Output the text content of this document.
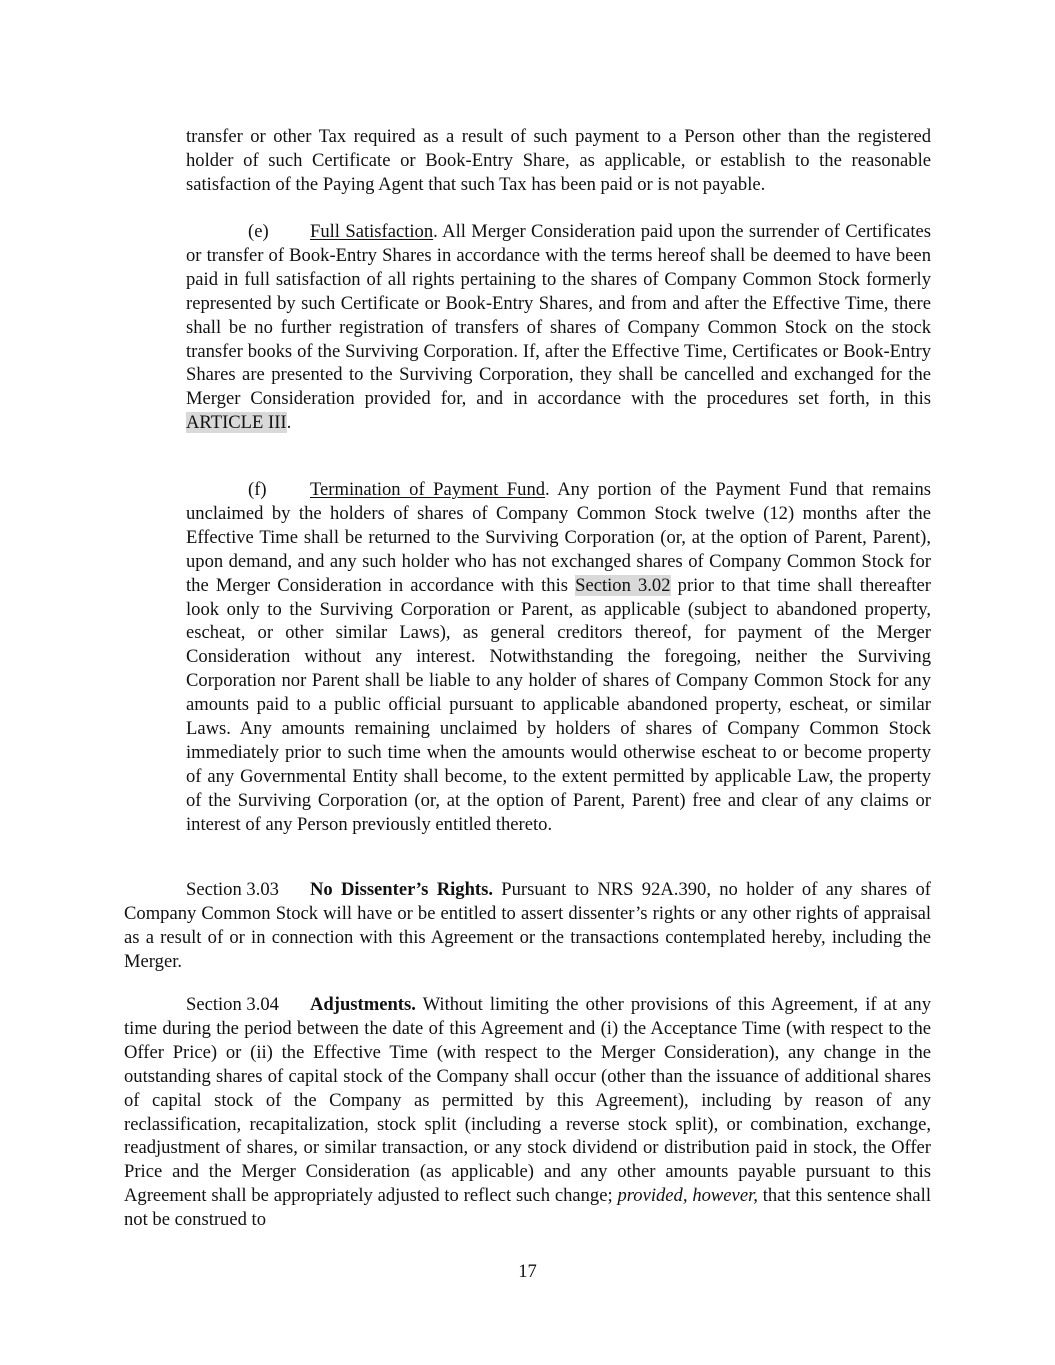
transfer or other Tax required as a result of such payment to a Person other than the registered holder of such Certificate or Book-Entry Share, as applicable, or establish to the reasonable satisfaction of the Paying Agent that such Tax has been paid or is not payable.

(e) Full Satisfaction. All Merger Consideration paid upon the surrender of Certificates or transfer of Book-Entry Shares in accordance with the terms hereof shall be deemed to have been paid in full satisfaction of all rights pertaining to the shares of Company Common Stock formerly represented by such Certificate or Book-Entry Shares, and from and after the Effective Time, there shall be no further registration of transfers of shares of Company Common Stock on the stock transfer books of the Surviving Corporation. If, after the Effective Time, Certificates or Book-Entry Shares are presented to the Surviving Corporation, they shall be cancelled and exchanged for the Merger Consideration provided for, and in accordance with the procedures set forth, in this ARTICLE III.

(f) Termination of Payment Fund. Any portion of the Payment Fund that remains unclaimed by the holders of shares of Company Common Stock twelve (12) months after the Effective Time shall be returned to the Surviving Corporation (or, at the option of Parent, Parent), upon demand, and any such holder who has not exchanged shares of Company Common Stock for the Merger Consideration in accordance with this Section 3.02 prior to that time shall thereafter look only to the Surviving Corporation or Parent, as applicable (subject to abandoned property, escheat, or other similar Laws), as general creditors thereof, for payment of the Merger Consideration without any interest. Notwithstanding the foregoing, neither the Surviving Corporation nor Parent shall be liable to any holder of shares of Company Common Stock for any amounts paid to a public official pursuant to applicable abandoned property, escheat, or similar Laws. Any amounts remaining unclaimed by holders of shares of Company Common Stock immediately prior to such time when the amounts would otherwise escheat to or become property of any Governmental Entity shall become, to the extent permitted by applicable Law, the property of the Surviving Corporation (or, at the option of Parent, Parent) free and clear of any claims or interest of any Person previously entitled thereto.

Section 3.03 No Dissenter’s Rights. Pursuant to NRS 92A.390, no holder of any shares of Company Common Stock will have or be entitled to assert dissenter’s rights or any other rights of appraisal as a result of or in connection with this Agreement or the transactions contemplated hereby, including the Merger.

Section 3.04 Adjustments. Without limiting the other provisions of this Agreement, if at any time during the period between the date of this Agreement and (i) the Acceptance Time (with respect to the Offer Price) or (ii) the Effective Time (with respect to the Merger Consideration), any change in the outstanding shares of capital stock of the Company shall occur (other than the issuance of additional shares of capital stock of the Company as permitted by this Agreement), including by reason of any reclassification, recapitalization, stock split (including a reverse stock split), or combination, exchange, readjustment of shares, or similar transaction, or any stock dividend or distribution paid in stock, the Offer Price and the Merger Consideration (as applicable) and any other amounts payable pursuant to this Agreement shall be appropriately adjusted to reflect such change; provided, however, that this sentence shall not be construed to

17
